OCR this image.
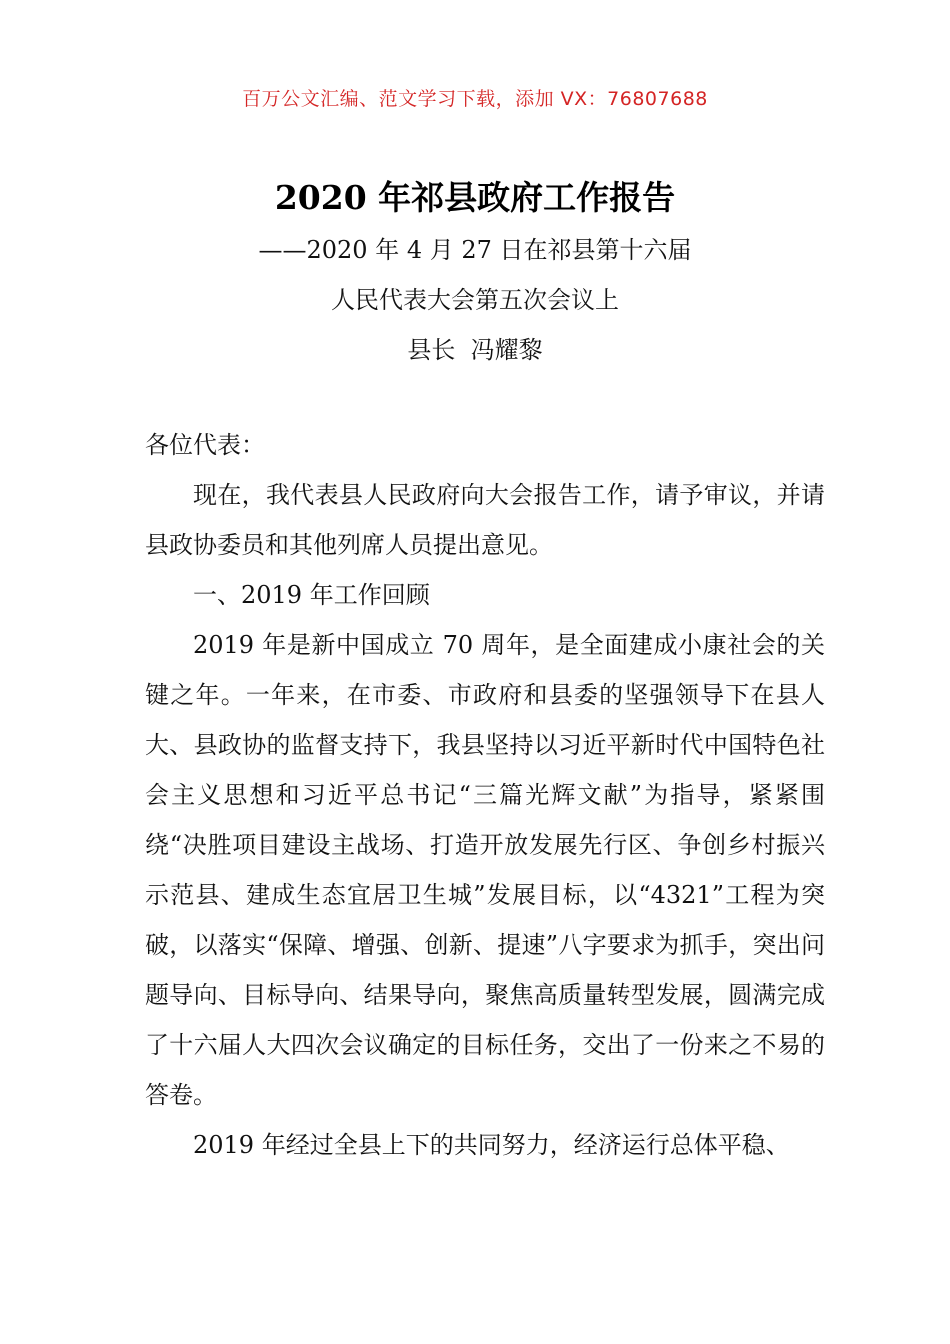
百万公文汇编、范文学习下载，添加 VX：76807688
2020 年祁县政府工作报告
——2020 年 4 月 27 日在祁县第十六届
人民代表大会第五次会议上
县长  冯耀黎

各位代表：

现在，我代表县人民政府向大会报告工作，请予审议，并请县政协委员和其他列席人员提出意见。

一、2019 年工作回顾

2019 年是新中国成立 70 周年，是全面建成小康社会的关键之年。一年来，在市委、市政府和县委的坚强领导下在县人大、县政协的监督支持下，我县坚持以习近平新时代中国特色社会主义思想和习近平总书记“三篇光辉文献”为指导，紧紧围绕“决胜项目建设主战场、打造开放发展先行区、争创乡村振兴示范县、建成生态宜居卫生城”发展目标，以“4321”工程为突破，以落实“保障、增强、创新、提速”八字要求为抓手，突出问题导向、目标导向、结果导向，聚焦高质量转型发展，圆满完成了十六届人大四次会议确定的目标任务，交出了一份来之不易的答卷。

2019 年经过全县上下的共同努力，经济运行总体平稳、
